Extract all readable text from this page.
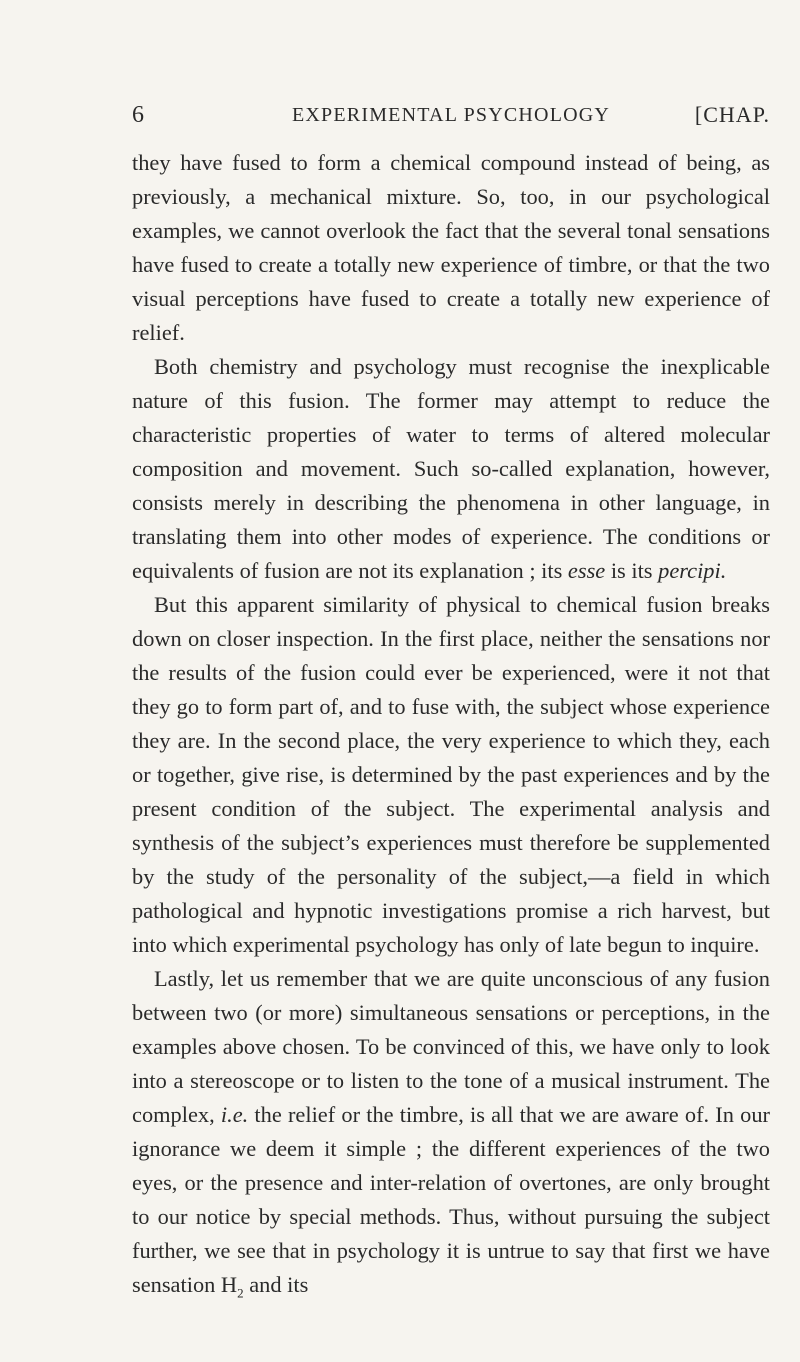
6	EXPERIMENTAL PSYCHOLOGY	[CHAP.

they have fused to form a chemical compound instead of being, as previously, a mechanical mixture. So, too, in our psychological examples, we cannot overlook the fact that the several tonal sensations have fused to create a totally new experience of timbre, or that the two visual perceptions have fused to create a totally new experience of relief.

Both chemistry and psychology must recognise the inexplicable nature of this fusion. The former may attempt to reduce the characteristic properties of water to terms of altered molecular composition and movement. Such so-called explanation, however, consists merely in describing the phenomena in other language, in translating them into other modes of experience. The conditions or equivalents of fusion are not its explanation ; its esse is its percipi.

But this apparent similarity of physical to chemical fusion breaks down on closer inspection. In the first place, neither the sensations nor the results of the fusion could ever be experienced, were it not that they go to form part of, and to fuse with, the subject whose experience they are. In the second place, the very experience to which they, each or together, give rise, is determined by the past experiences and by the present condition of the subject. The experimental analysis and synthesis of the subject’s experiences must therefore be supplemented by the study of the personality of the subject,—a field in which pathological and hypnotic investigations promise a rich harvest, but into which experimental psychology has only of late begun to inquire.

Lastly, let us remember that we are quite unconscious of any fusion between two (or more) simultaneous sensations or perceptions, in the examples above chosen. To be convinced of this, we have only to look into a stereoscope or to listen to the tone of a musical instrument. The complex, i.e. the relief or the timbre, is all that we are aware of. In our ignorance we deem it simple ; the different experiences of the two eyes, or the presence and inter-relation of overtones, are only brought to our notice by special methods. Thus, without pursuing the subject further, we see that in psychology it is untrue to say that first we have sensation $H_2$ and its
